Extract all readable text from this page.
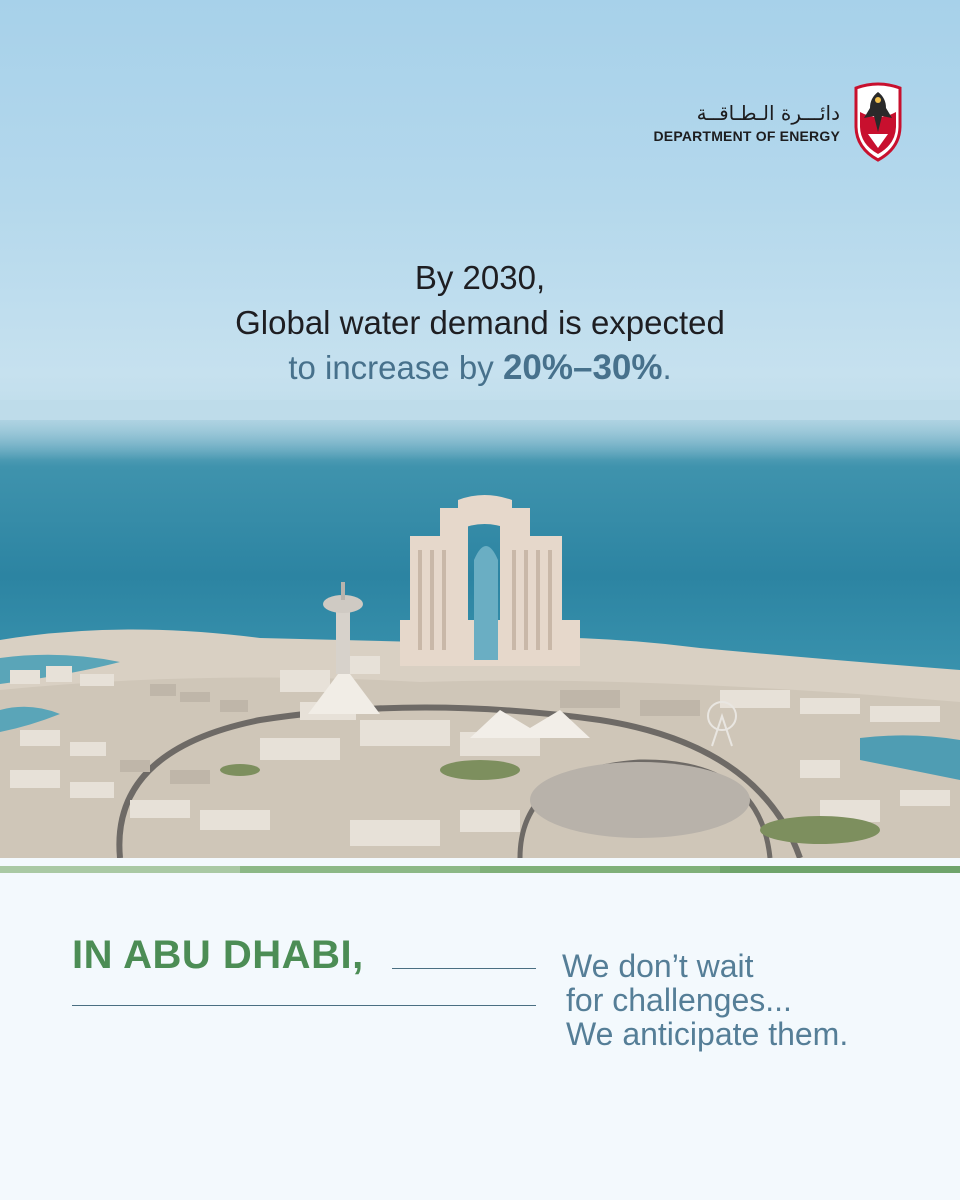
دائـــرة الـطـاقــة
DEPARTMENT OF ENERGY
By 2030,
Global water demand is expected
to increase by 20%–30%.
IN ABU DHABI,	We don’t wait
for challenges...
We anticipate them.
